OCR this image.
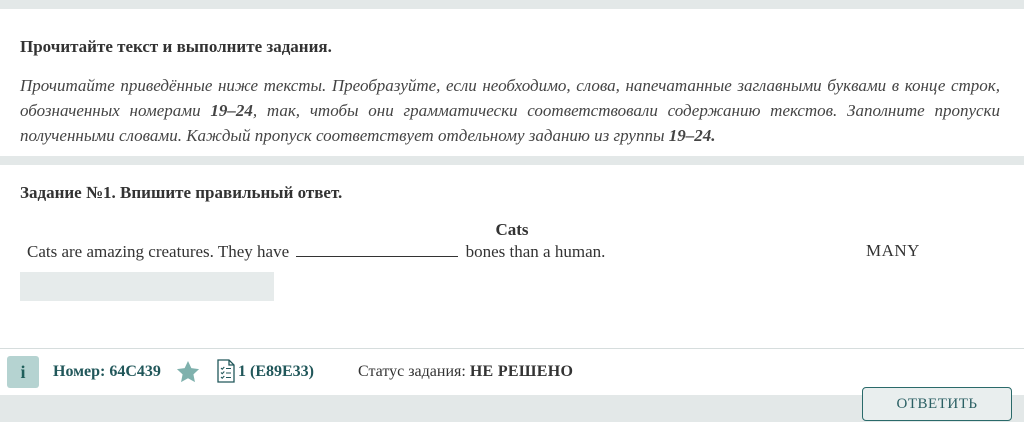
Прочитайте текст и выполните задания.
Прочитайте приведённые ниже тексты. Преобразуйте, если необходимо, слова, напечатанные заглавными буквами в конце строк, обозначенных номерами 19–24, так, чтобы они грамматически соответствовали содержанию текстов. Заполните пропуски полученными словами. Каждый пропуск соответствует отдельному заданию из группы 19–24.
Задание №1. Впишите правильный ответ.
Cats
Cats are amazing creatures. They have	bones than a human.	MANY
i	Номер: 64C439	1 (E89E33)	Статус задания: НЕ РЕШЕНО
ОТВЕТИТЬ
